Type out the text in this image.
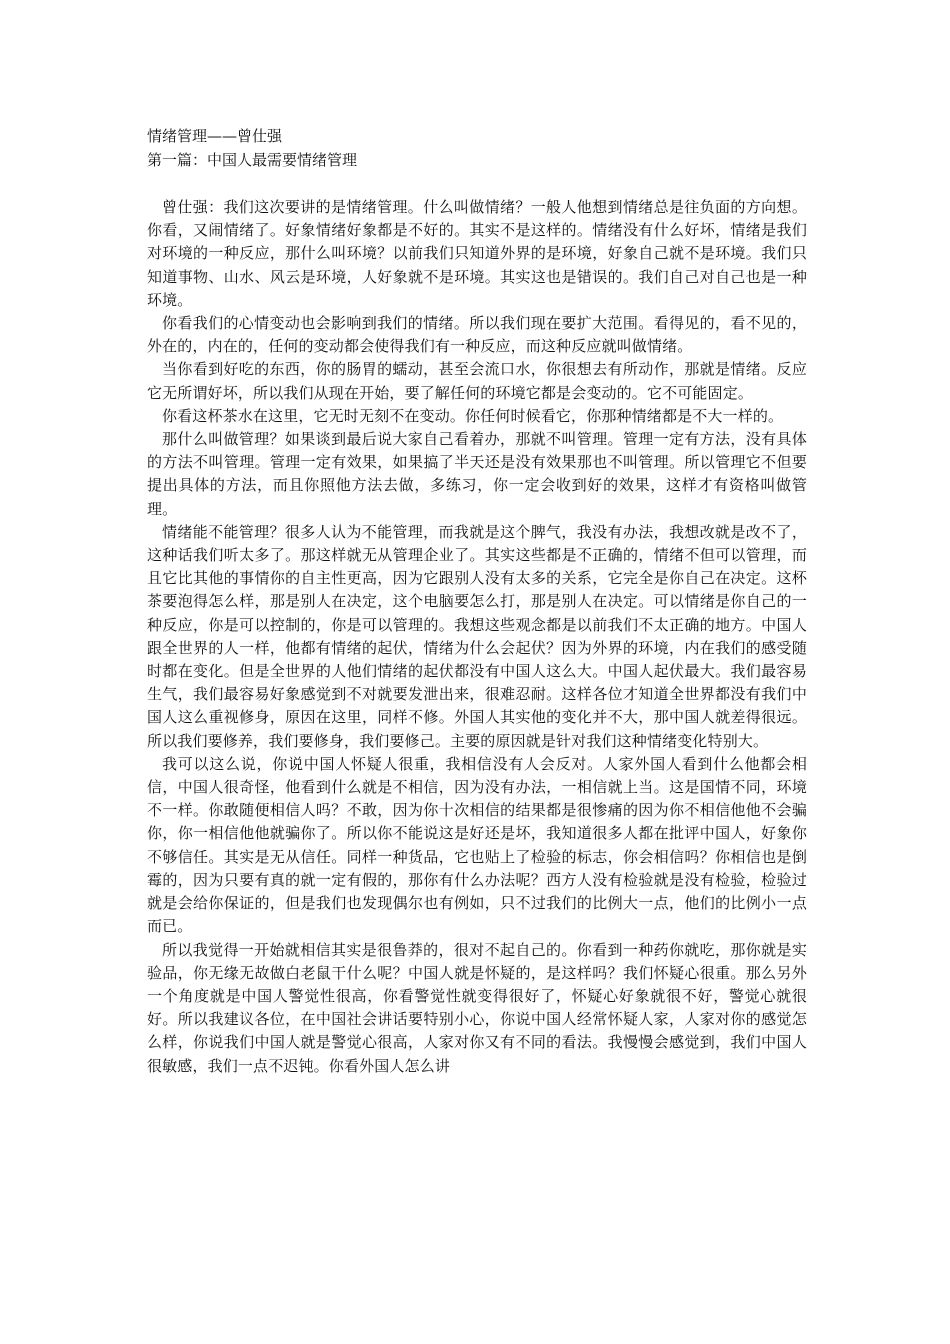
情绪管理——曾仕强

第一篇：中国人最需要情绪管理

曾仕强：我们这次要讲的是情绪管理。什么叫做情绪？一般人他想到情绪总是往负面的方向想。你看，又闹情绪了。好象情绪好象都是不好的。其实不是这样的。情绪没有什么好坏，情绪是我们对环境的一种反应，那什么叫环境？以前我们只知道外界的是环境，好象自己就不是环境。我们只知道事物、山水、风云是环境，人好象就不是环境。其实这也是错误的。我们自己对自己也是一种环境。

你看我们的心情变动也会影响到我们的情绪。所以我们现在要扩大范围。看得见的，看不见的，外在的，内在的，任何的变动都会使得我们有一种反应，而这种反应就叫做情绪。

当你看到好吃的东西，你的肠胃的蠕动，甚至会流口水，你很想去有所动作，那就是情绪。反应它无所谓好坏，所以我们从现在开始，要了解任何的环境它都是会变动的。它不可能固定。

你看这杯茶水在这里，它无时无刻不在变动。你任何时候看它，你那种情绪都是不大一样的。

那什么叫做管理？如果谈到最后说大家自己看着办，那就不叫管理。管理一定有方法，没有具体的方法不叫管理。管理一定有效果，如果搞了半天还是没有效果那也不叫管理。所以管理它不但要提出具体的方法，而且你照他方法去做，多练习，你一定会收到好的效果，这样才有资格叫做管理。

情绪能不能管理？很多人认为不能管理，而我就是这个脾气，我没有办法，我想改就是改不了，这种话我们听太多了。那这样就无从管理企业了。其实这些都是不正确的，情绪不但可以管理，而且它比其他的事情你的自主性更高，因为它跟别人没有太多的关系，它完全是你自己在决定。这杯茶要泡得怎么样，那是别人在决定，这个电脑要怎么打，那是别人在决定。可以情绪是你自己的一种反应，你是可以控制的，你是可以管理的。我想这些观念都是以前我们不太正确的地方。中国人跟全世界的人一样，他都有情绪的起伏，情绪为什么会起伏？因为外界的环境，内在我们的感受随时都在变化。但是全世界的人他们情绪的起伏都没有中国人这么大。中国人起伏最大。我们最容易生气，我们最容易好象感觉到不对就要发泄出来，很难忍耐。这样各位才知道全世界都没有我们中国人这么重视修身，原因在这里，同样不修。外国人其实他的变化并不大，那中国人就差得很远。所以我们要修养，我们要修身，我们要修己。主要的原因就是针对我们这种情绪变化特别大。

我可以这么说，你说中国人怀疑人很重，我相信没有人会反对。人家外国人看到什么他都会相信，中国人很奇怪，他看到什么就是不相信，因为没有办法，一相信就上当。这是国情不同，环境不一样。你敢随便相信人吗？不敢，因为你十次相信的结果都是很惨痛的因为你不相信他他不会骗你，你一相信他他就骗你了。所以你不能说这是好还是坏，我知道很多人都在批评中国人，好象你不够信任。其实是无从信任。同样一种货品，它也贴上了检验的标志，你会相信吗？你相信也是倒霉的，因为只要有真的就一定有假的，那你有什么办法呢？西方人没有检验就是没有检验，检验过就是会给你保证的，但是我们也发现偶尔也有例如，只不过我们的比例大一点，他们的比例小一点而已。

所以我觉得一开始就相信其实是很鲁莽的，很对不起自己的。你看到一种药你就吃，那你就是实验品，你无缘无故做白老鼠干什么呢？中国人就是怀疑的，是这样吗？我们怀疑心很重。那么另外一个角度就是中国人警觉性很高，你看警觉性就变得很好了，怀疑心好象就很不好，警觉心就很好。所以我建议各位，在中国社会讲话要特别小心，你说中国人经常怀疑人家，人家对你的感觉怎么样，你说我们中国人就是警觉心很高，人家对你又有不同的看法。我慢慢会感觉到，我们中国人很敏感，我们一点不迟钝。你看外国人怎么讲
